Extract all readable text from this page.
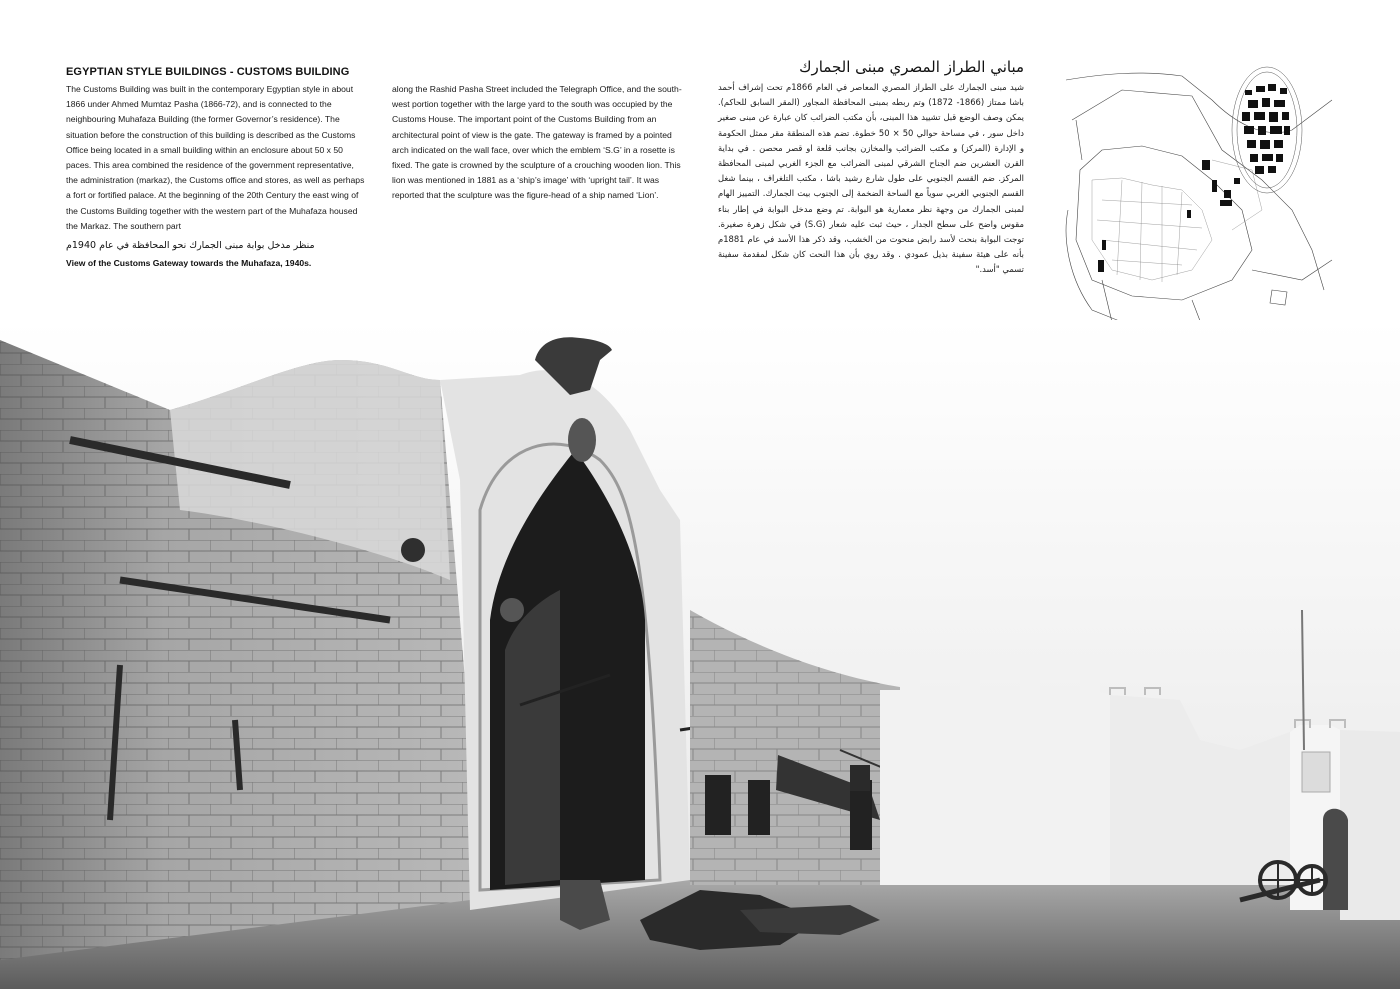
EGYPTIAN STYLE BUILDINGS - CUSTOMS BUILDING
The Customs Building was built in the contemporary Egyptian style in about 1866 under Ahmed Mumtaz Pasha (1866-72), and is connected to the neighbouring Muhafaza Building (the former Governor’s residence). The situation before the construction of this building is described as the Customs Office being located in a small building within an enclosure about 50 x 50 paces. This area combined the residence of the government representative, the administration (markaz), the Customs office and stores, as well as perhaps a fort or fortified palace. At the beginning of the 20th Century the east wing of the Customs Building together with the western part of the Muhafaza housed the Markaz. The southern part
along the Rashid Pasha Street included the Telegraph Office, and the south-west portion together with the large yard to the south was occupied by the Customs House. The important point of the Customs Building from an architectural point of view is the gate. The gateway is framed by a pointed arch indicated on the wall face, over which the emblem ‘S.G’ in a rosette is fixed. The gate is crowned by the sculpture of a crouching wooden lion. This lion was mentioned in 1881 as a ‘ship’s image’ with ‘upright tail’. It was reported that the sculpture was the figure-head of a ship named ‘Lion’.
مباني الطراز المصري مبنى الجمارك
شيد مبنى الجمارك على الطراز المصري المعاصر في العام 1866م تحت إشراف أحمد باشا ممتاز (1866- 1872) وتم ربطه بمبنى المحافظة المجاور (المقر السابق للحاكم). يمكن وصف الوضع قبل تشييد هذا المبنى، بأن مكتب الضرائب كان عبارة عن مبنى صغير داخل سور ، في مساحة حوالي 50 × 50 خطوة. تضم هذه المنطقة مقر ممثل الحكومة و الإدارة (المركز) و مكتب الضرائب والمخازن بجانب قلعة او قصر محصن . في بداية القرن العشرين ضم الجناح الشرقي لمبنى الضرائب مع الجزء الغربي لمبنى المحافظة المركز. ضم القسم الجنوبي على طول شارع رشيد باشا ، مكتب التلغراف ، بينما شغل القسم الجنوبي الغربي سوياً مع الساحة الضخمة إلى الجنوب بيت الجمارك. التمييز الهام لمبنى الجمارك من وجهة نظر معمارية هو البوابة. تم وضع مدخل البوابة في إطار بناء مقوس واضح على سطح الجدار ، حيث ثبت عليه شعار (S.G) في شكل زهرة صغيرة. توجت البوابة بنحت لأسد رابض منحوت من الخشب، وقد ذكر هذا الأسد في عام 1881م بأنه على هيئة سفينة بذيل عمودي . وقد روي بأن هذا النحت كان شكل لمقدمة سفينة تسمي "أسد."
منظر مدخل بوابة مبنى الجمارك نحو المحافظة في عام 1940م
View of the Customs Gateway towards the Muhafaza, 1940s.
